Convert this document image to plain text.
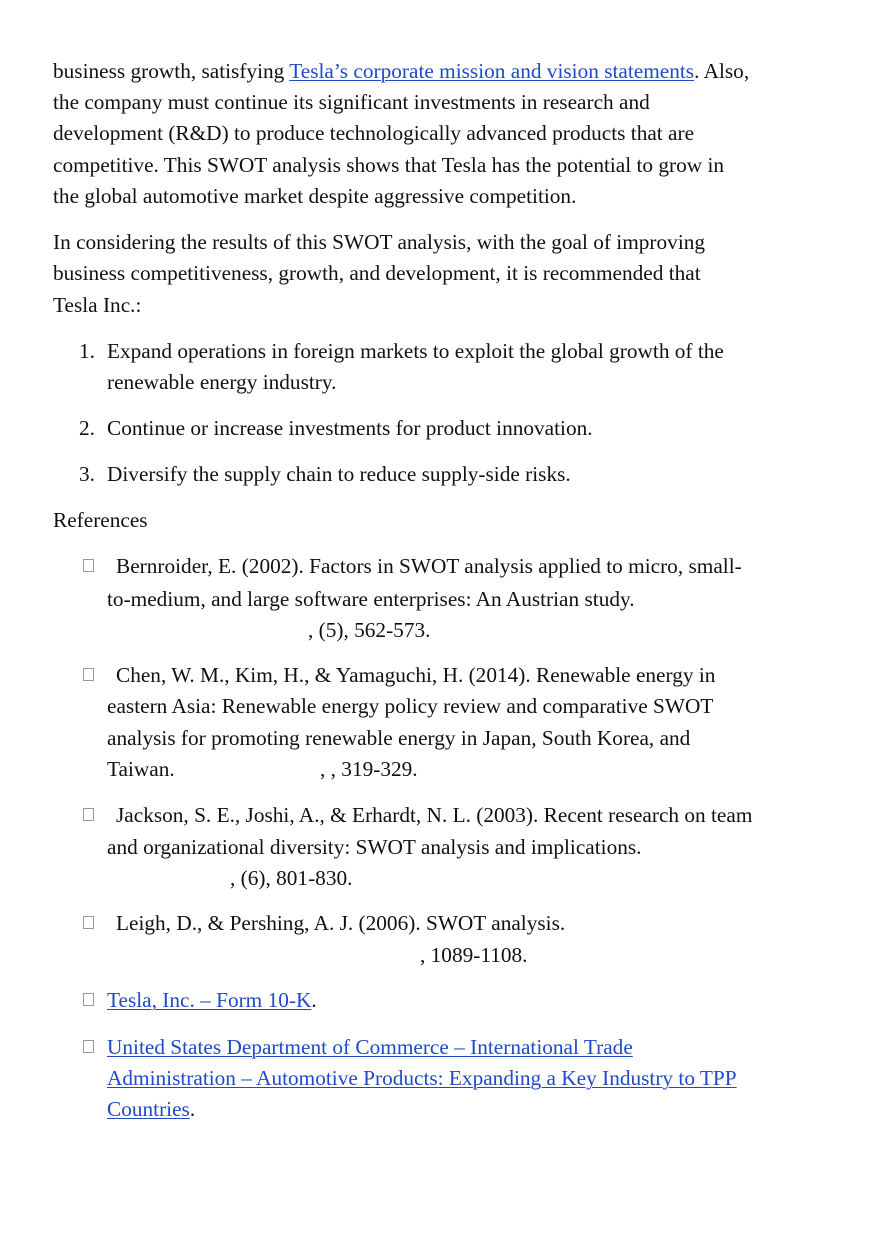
business growth, satisfying Tesla’s corporate mission and vision statements. Also,
the company must continue its significant investments in research and
development (R&D) to produce technologically advanced products that are
competitive. This SWOT analysis shows that Tesla has the potential to grow in
the global automotive market despite aggressive competition.
In considering the results of this SWOT analysis, with the goal of improving
business competitiveness, growth, and development, it is recommended that
Tesla Inc.:
1. Expand operations in foreign markets to exploit the global growth of the
renewable energy industry.
2. Continue or increase investments for product innovation.
3. Diversify the supply chain to reduce supply-side risks.
References
Bernroider, E. (2002). Factors in SWOT analysis applied to micro, small-
to-medium, and large software enterprises: An Austrian study.
, (5), 562-573.
Chen, W. M., Kim, H., & Yamaguchi, H. (2014). Renewable energy in
eastern Asia: Renewable energy policy review and comparative SWOT
analysis for promoting renewable energy in Japan, South Korea, and
Taiwan.	, , 319-329.
Jackson, S. E., Joshi, A., & Erhardt, N. L. (2003). Recent research on team
and organizational diversity: SWOT analysis and implications.
, (6), 801-830.
Leigh, D., & Pershing, A. J. (2006). SWOT analysis.
, 1089-1108.
Tesla, Inc. – Form 10-K.
United States Department of Commerce – International Trade
Administration – Automotive Products: Expanding a Key Industry to TPP
Countries.
